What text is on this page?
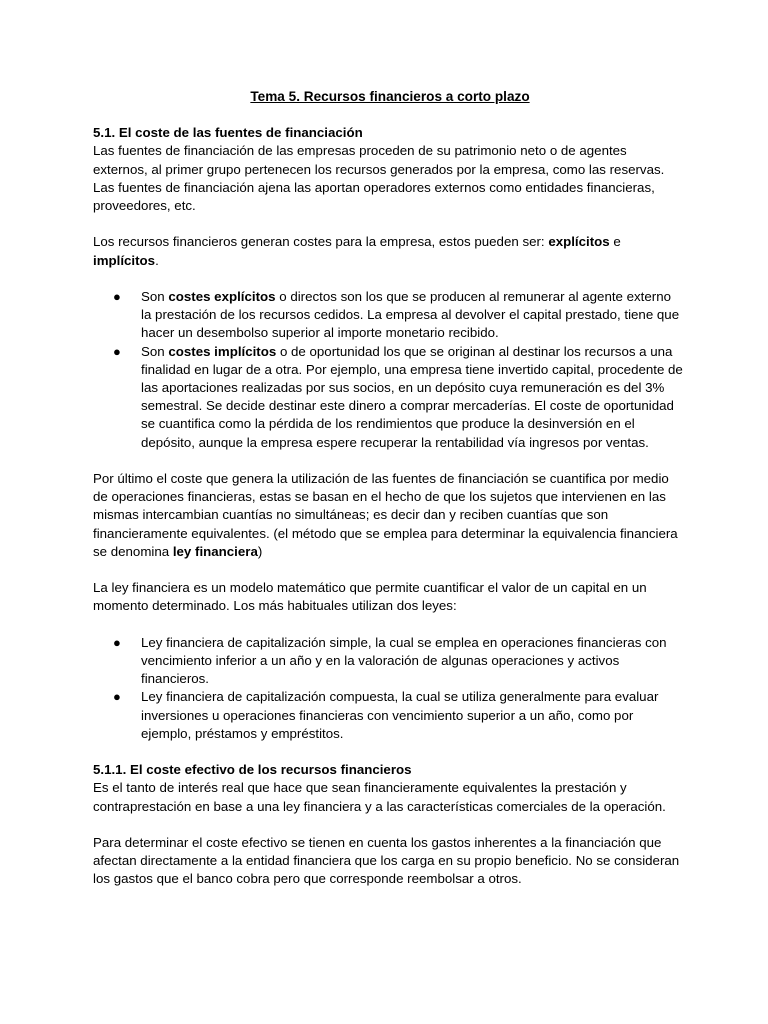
Tema 5. Recursos financieros a corto plazo

5.1. El coste de las fuentes de financiación

Las fuentes de financiación de las empresas proceden de su patrimonio neto o de agentes externos, al primer grupo pertenecen los recursos generados por la empresa, como las reservas. Las fuentes de financiación ajena las aportan operadores externos como entidades financieras, proveedores, etc.

Los recursos financieros generan costes para la empresa, estos pueden ser: explícitos e implícitos.

● Son costes explícitos o directos son los que se producen al remunerar al agente externo la prestación de los recursos cedidos. La empresa al devolver el capital prestado, tiene que hacer un desembolso superior al importe monetario recibido.
● Son costes implícitos o de oportunidad los que se originan al destinar los recursos a una finalidad en lugar de a otra. Por ejemplo, una empresa tiene invertido capital, procedente de las aportaciones realizadas por sus socios, en un depósito cuya remuneración es del 3% semestral. Se decide destinar este dinero a comprar mercaderías. El coste de oportunidad se cuantifica como la pérdida de los rendimientos que produce la desinversión en el depósito, aunque la empresa espere recuperar la rentabilidad vía ingresos por ventas.

Por último el coste que genera la utilización de las fuentes de financiación se cuantifica por medio de operaciones financieras, estas se basan en el hecho de que los sujetos que intervienen en las mismas intercambian cuantías no simultáneas; es decir dan y reciben cuantías que son financieramente equivalentes. (el método que se emplea para determinar la equivalencia financiera se denomina ley financiera)

La ley financiera es un modelo matemático que permite cuantificar el valor de un capital en un momento determinado. Los más habituales utilizan dos leyes:

● Ley financiera de capitalización simple, la cual se emplea en operaciones financieras con vencimiento inferior a un año y en la valoración de algunas operaciones y activos financieros.
● Ley financiera de capitalización compuesta, la cual se utiliza generalmente para evaluar inversiones u operaciones financieras con vencimiento superior a un año, como por ejemplo, préstamos y empréstitos.

5.1.1. El coste efectivo de los recursos financieros

Es el tanto de interés real que hace que sean financieramente equivalentes la prestación y contraprestación en base a una ley financiera y a las características comerciales de la operación.

Para determinar el coste efectivo se tienen en cuenta los gastos inherentes a la financiación que afectan directamente a la entidad financiera que los carga en su propio beneficio. No se consideran los gastos que el banco cobra pero que corresponde reembolsar a otros.
